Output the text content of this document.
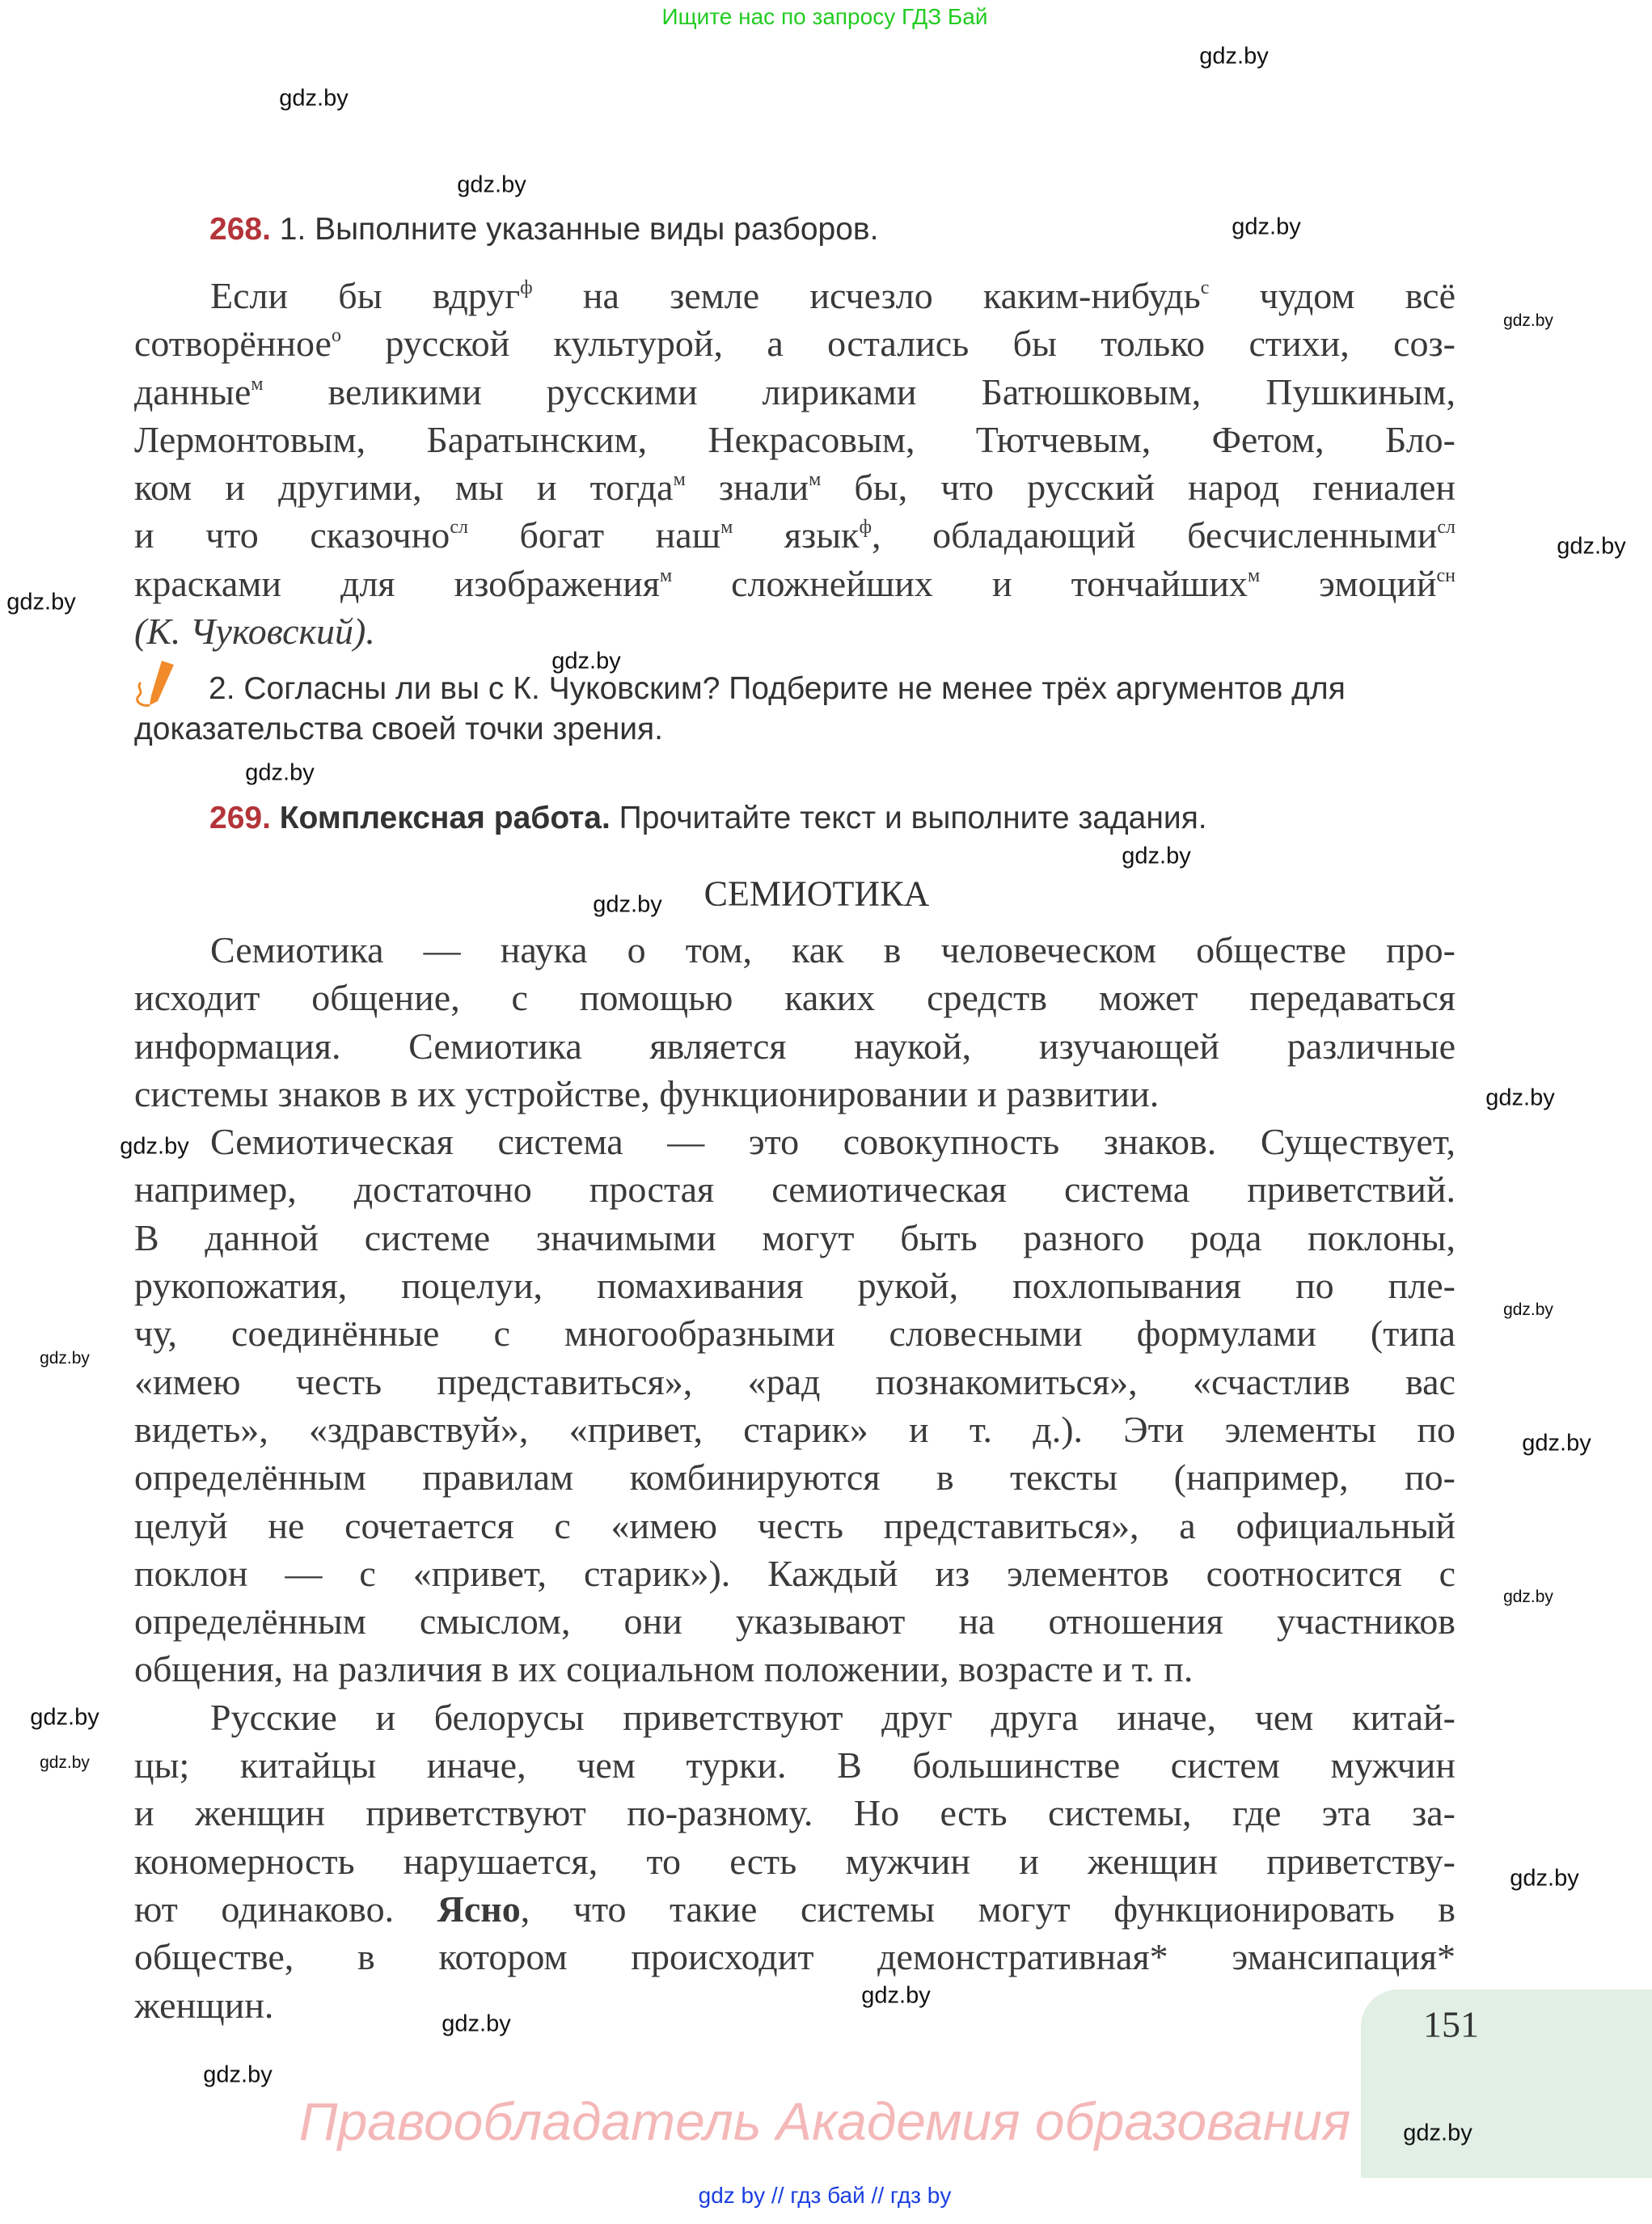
Ищите нас по запросу ГДЗ Бай
268. 1. Выполните указанные виды разборов.
Если бы вдруг$^ф$ на земле исчезло каким-нибудь$^с$ чудом всё
сотворённое$^о$ русской культурой, а остались бы только стихи, соз-
данные$^м$ великими русскими лириками Батюшковым, Пушкиным,
Лермонтовым, Баратынским, Некрасовым, Тютчевым, Фетом, Бло-
ком и другими, мы и тогда$^м$ знали$^м$ бы, что русский народ гениален
и что сказочно$^{сл}$ богат наш$^м$ язык$^ф$, обладающий бесчисленными$^{сл}$
красками для изображения$^м$ сложнейших и тончайших$^м$ эмоций$^{сн}$
(К. Чуковский).
2. Согласны ли вы с К. Чуковским? Подберите не менее трёх аргументов для
доказательства своей точки зрения.
269. Комплексная работа. Прочитайте текст и выполните задания.
СЕМИОТИКА
Семиотика — наука о том, как в человеческом обществе про-
исходит общение, с помощью каких средств может передаваться
информация. Семиотика является наукой, изучающей различные
системы знаков в их устройстве, функционировании и развитии.
Семиотическая система — это совокупность знаков. Существует,
например, достаточно простая семиотическая система приветствий.
В данной системе значимыми могут быть разного рода поклоны,
рукопожатия, поцелуи, помахивания рукой, похлопывания по пле-
чу, соединённые с многообразными словесными формулами (типа
«имею честь представиться», «рад познакомиться», «счастлив вас
видеть», «здравствуй», «привет, старик» и т. д.). Эти элементы по
определённым правилам комбинируются в тексты (например, по-
целуй не сочетается с «имею честь представиться», а официальный
поклон — с «привет, старик»). Каждый из элементов соотносится с
определённым смыслом, они указывают на отношения участников
общения, на различия в их социальном положении, возрасте и т. п.
Русские и белорусы приветствуют друг друга иначе, чем китай-
цы; китайцы иначе, чем турки. В большинстве систем мужчин
и женщин приветствуют по-разному. Но есть системы, где эта за-
кономерность нарушается, то есть мужчин и женщин приветству-
ют одинаково. Ясно, что такие системы могут функционировать в
обществе, в котором происходит демонстративная* эмансипация*
женщин.
Правообладатель Академия образования
151
gdz by // гдз бай // гдз by
gdz.by
gdz.by
gdz.by
gdz.by
gdz.by
gdz.by
gdz.by
gdz.by
gdz.by
gdz.by
gdz.by
gdz.by
gdz.by
gdz.by
gdz.by
gdz.by
gdz.by
gdz.by
gdz.by
gdz.by
gdz.by
gdz.by
gdz.by
gdz.by
